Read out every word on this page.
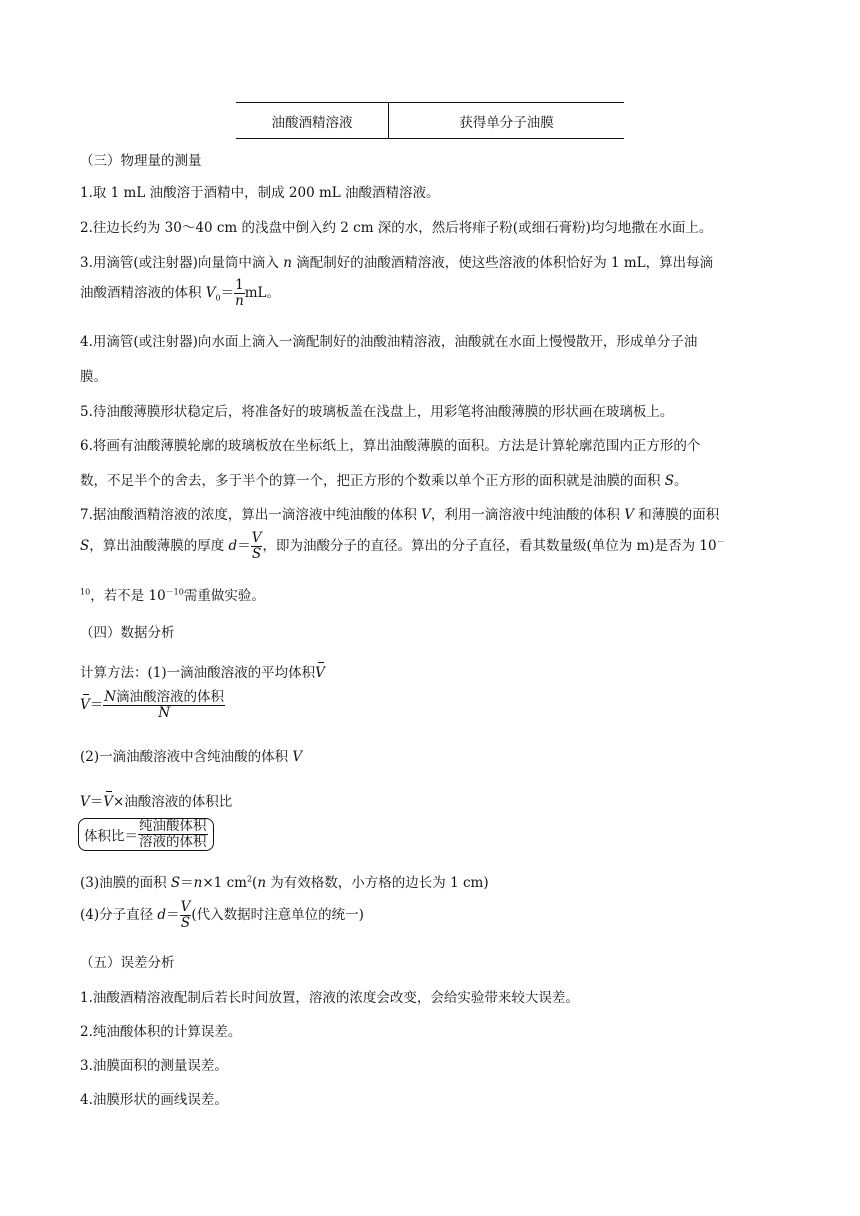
油酸酒精溶液	获得单分子油膜
（三）物理量的测量
1.取 1 mL 油酸溶于酒精中，制成 200 mL 油酸酒精溶液。
2.往边长约为 30～40 cm 的浅盘中倒入约 2 cm 深的水，然后将痱子粉(或细石膏粉)均匀地撒在水面上。
3.用滴管(或注射器)向量筒中滴入 n 滴配制好的油酸酒精溶液，使这些溶液的体积恰好为 1 mL，算出每滴
油酸酒精溶液的体积 $V_0= \frac{1}{n}$ mL。
4.用滴管(或注射器)向水面上滴入一滴配制好的油酸油精溶液，油酸就在水面上慢慢散开，形成单分子油
膜。
5.待油酸薄膜形状稳定后，将准备好的玻璃板盖在浅盘上，用彩笔将油酸薄膜的形状画在玻璃板上。
6.将画有油酸薄膜轮廓的玻璃板放在坐标纸上，算出油酸薄膜的面积。方法是计算轮廓范围内正方形的个
数，不足半个的舍去，多于半个的算一个，把正方形的个数乘以单个正方形的面积就是油膜的面积 S。
7.据油酸酒精溶液的浓度，算出一滴溶液中纯油酸的体积 V，利用一滴溶液中纯油酸的体积 V 和薄膜的面积
S，算出油酸薄膜的厚度 $d= \frac{V}{S}$ ，即为油酸分子的直径。算出的分子直径，看其数量级(单位为 m)是否为 10－
$^{10}$，若不是 $10^{-10}$需重做实验。
（四）数据分析
计算方法：(1)一滴油酸溶液的平均体积V
$V= \frac{\text{N滴油酸溶液的体积}}{N}$
(2)一滴油酸溶液中含纯油酸的体积 V
V＝V×油酸溶液的体积比
体积比＝ $\frac{\text{纯油酸体积}}{\text{溶液的体积}}$
(3)油膜的面积 S＝n×1 $cm^2(n$ 为有效格数，小方格的边长为 1 cm)
(4)分子直径 $d= \frac{V}{S}$ (代入数据时注意单位的统一)
（五）误差分析
1.油酸酒精溶液配制后若长时间放置，溶液的浓度会改变，会给实验带来较大误差。
2.纯油酸体积的计算误差。
3.油膜面积的测量误差。
4.油膜形状的画线误差。
